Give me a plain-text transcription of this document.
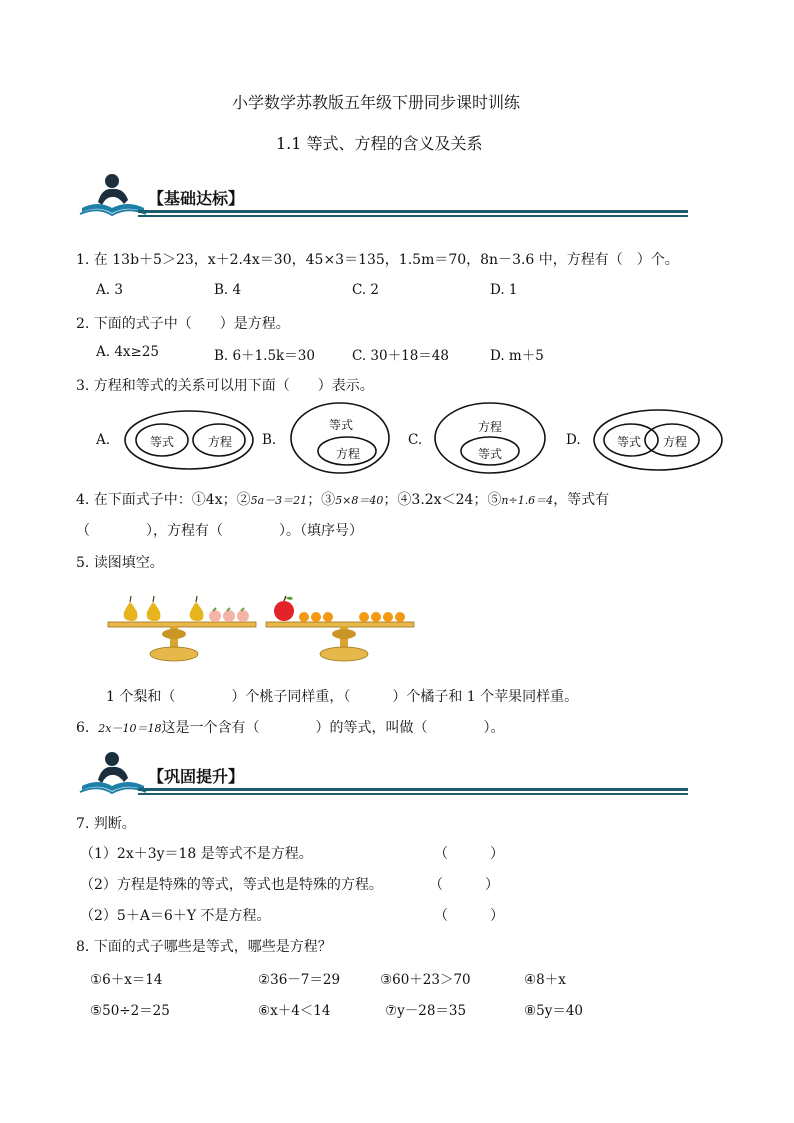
小学数学苏教版五年级下册同步课时训练
1.1 等式、方程的含义及关系
【基础达标】
1. 在 13b＋5＞23，x＋2.4x＝30，45×3＝135，1.5m＝70，8n－3.6 中，方程有（　）个。
A. 3	B. 4	C. 2	D. 1
2. 下面的式子中（　　）是方程。
A. 4x≥25	B. 6＋1.5k＝30	C. 30＋18＝48	D. m＋5
3. 方程和等式的关系可以用下面（　　）表示。
A.	B.	C.	D.
等式	方程
等式
方程
方程
等式
等式 方程
4. 在下面式子中：①4x；②5a－3＝21；③5×8＝40；④3.2x＜24；⑤n÷1.6＝4，等式有
（　　　　），方程有（　　　　）。（填序号）
5. 读图填空。
1 个梨和（　　　　）个桃子同样重，（　　　）个橘子和 1 个苹果同样重。
6. 2x－10＝18这是一个含有（　　　　）的等式，叫做（　　　　）。
【巩固提升】
7. 判断。
（1）2x＋3y＝18 是等式不是方程。	（　　　）
（2）方程是特殊的等式，等式也是特殊的方程。	（　　　）
（2）5＋A＝6＋Y 不是方程。	（　　　）
8. 下面的式子哪些是等式，哪些是方程？
①6＋x＝14	②36－7＝29	③60＋23＞70	④8＋x
⑤50÷2＝25	⑥x＋4＜14	⑦y－28＝35	⑧5y＝40
